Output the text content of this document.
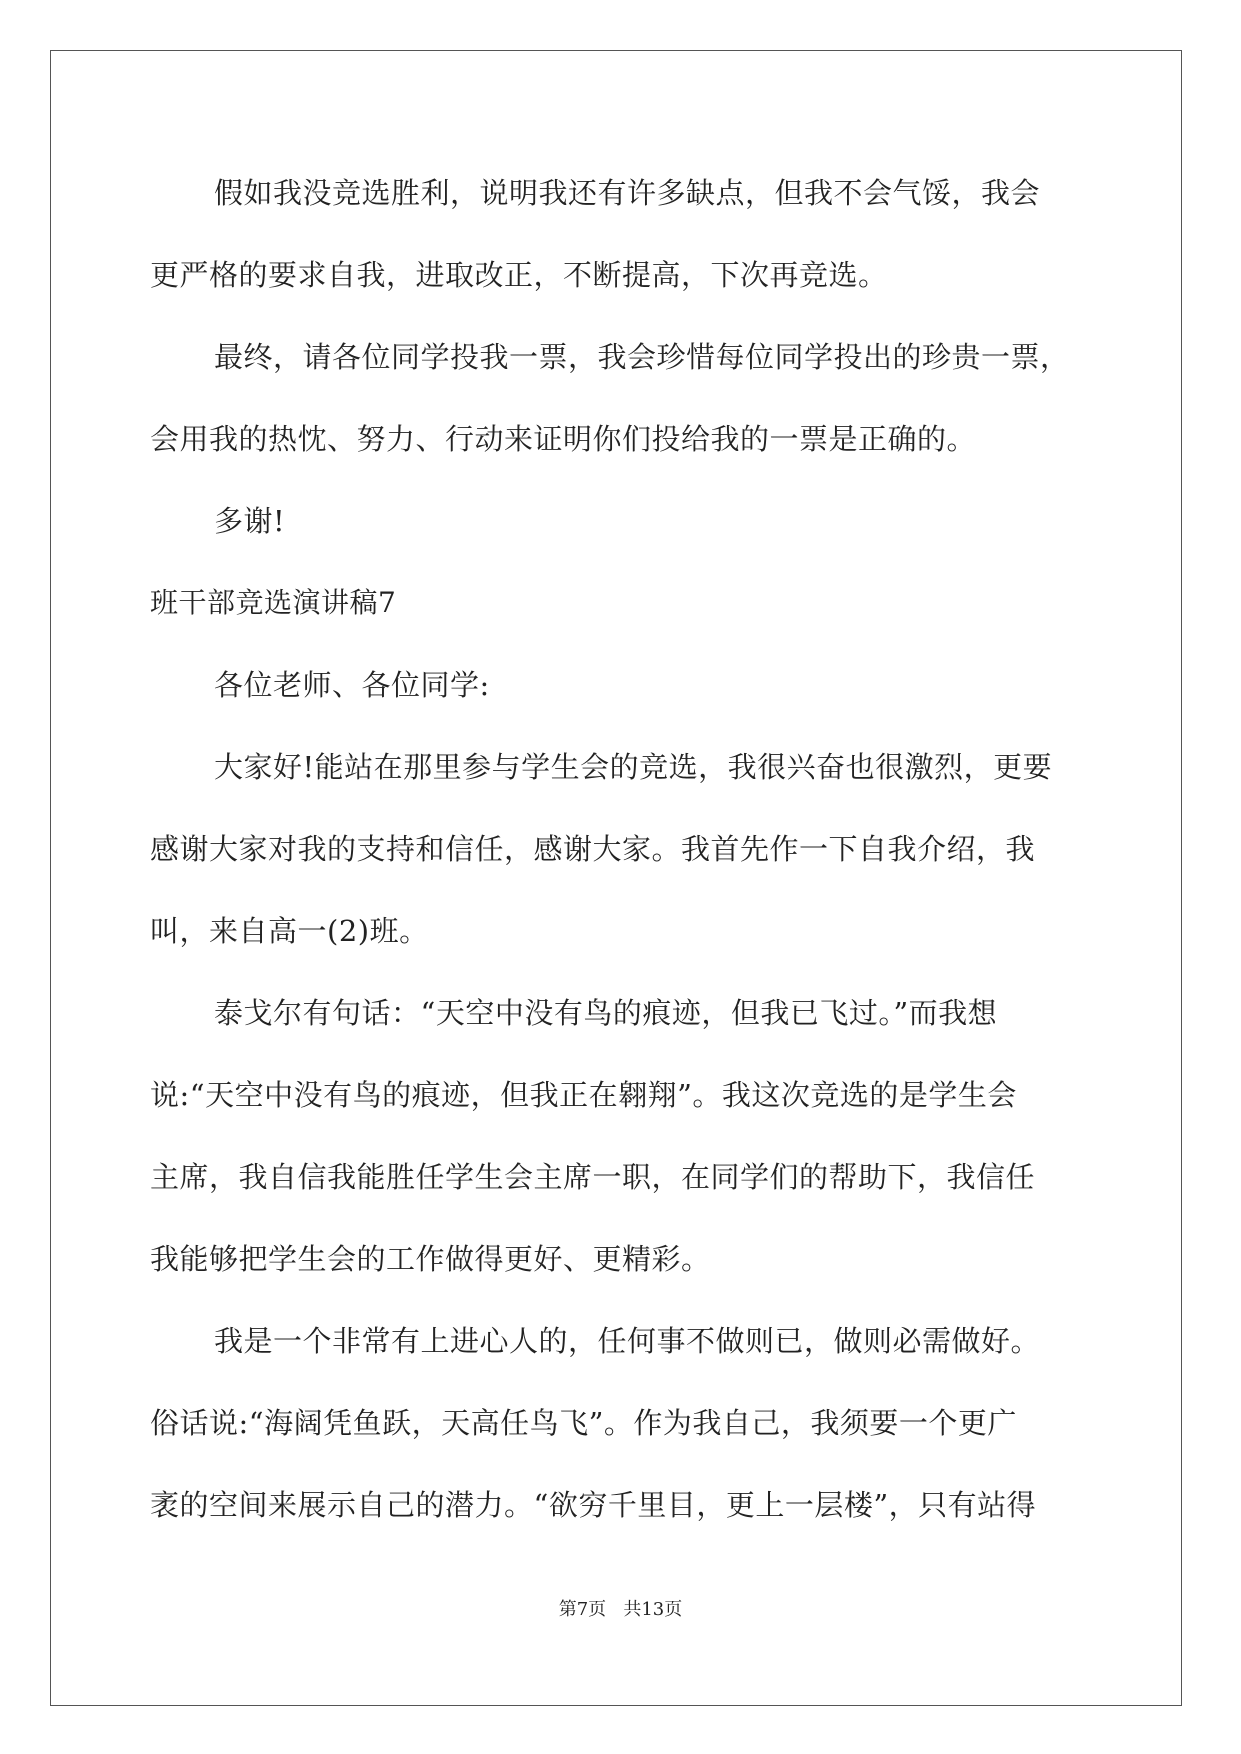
假如我没竞选胜利，说明我还有许多缺点，但我不会气馁，我会
更严格的要求自我，进取改正，不断提高，下次再竞选。
最终，请各位同学投我一票，我会珍惜每位同学投出的珍贵一票，
会用我的热忱、努力、行动来证明你们投给我的一票是正确的。
多谢!
班干部竞选演讲稿7
各位老师、各位同学:
大家好!能站在那里参与学生会的竞选，我很兴奋也很激烈，更要
感谢大家对我的支持和信任，感谢大家。我首先作一下自我介绍，我
叫，来自高一(2)班。
泰戈尔有句话：“天空中没有鸟的痕迹，但我已飞过。”而我想
说:“天空中没有鸟的痕迹，但我正在翱翔”。我这次竞选的是学生会
主席，我自信我能胜任学生会主席一职，在同学们的帮助下，我信任
我能够把学生会的工作做得更好、更精彩。
我是一个非常有上进心人的，任何事不做则已，做则必需做好。
俗话说:“海阔凭鱼跃，天高任鸟飞”。作为我自己，我须要一个更广
袤的空间来展示自己的潜力。“欲穷千里目，更上一层楼”，只有站得
第7页   共13页
